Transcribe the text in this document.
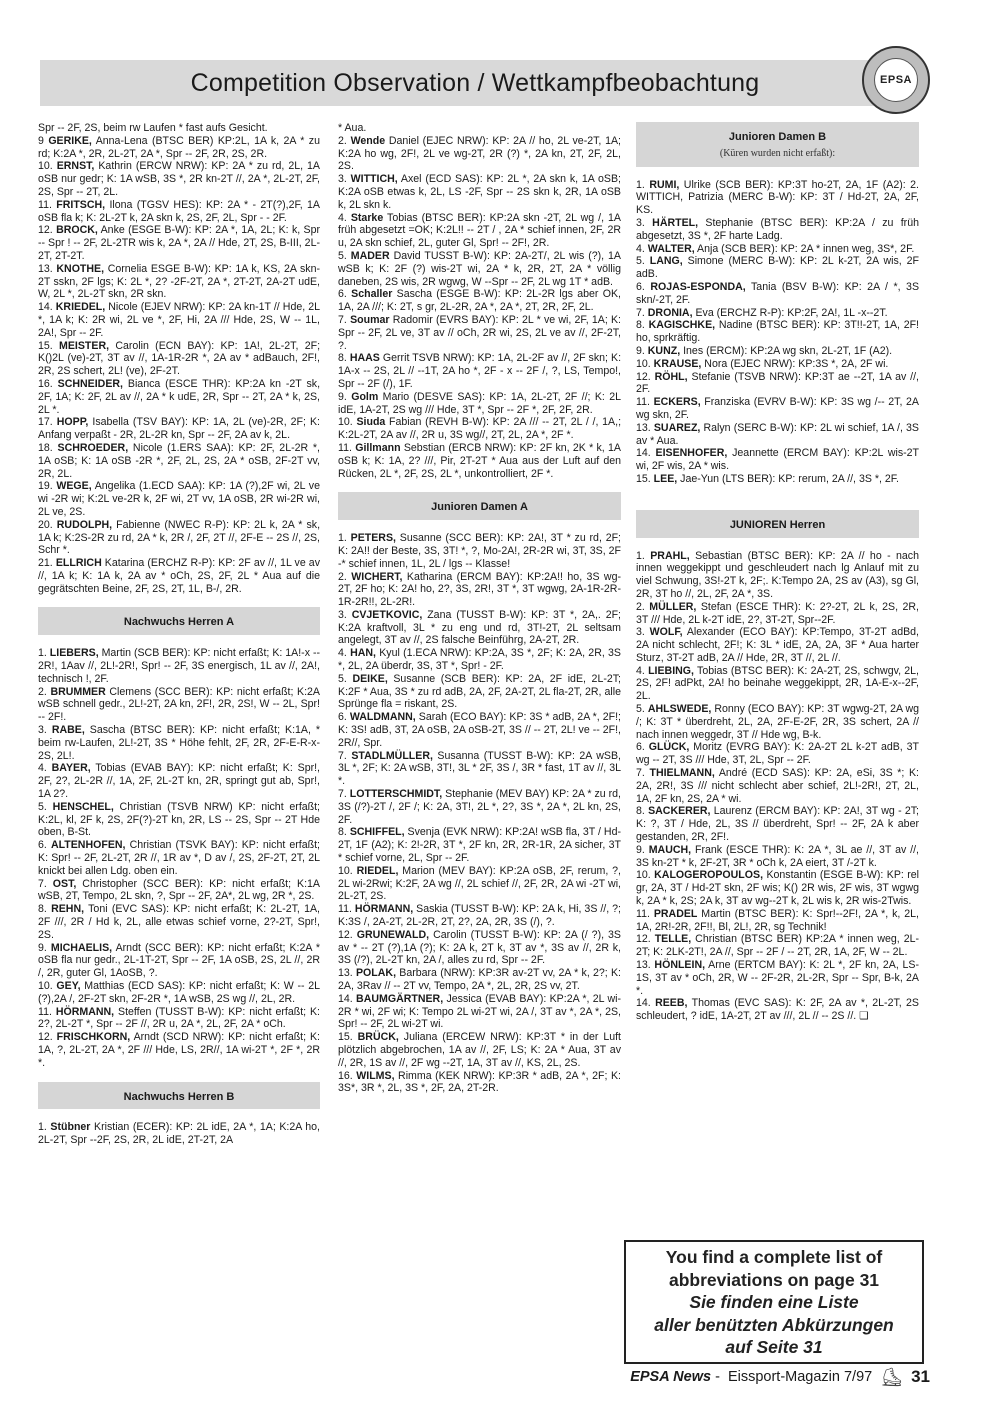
Competition Observation / Wettkampfbeobachtung	EPSA
Spr -- 2F, 2S, beim rw Laufen * fast aufs Gesicht.
9 GERIKE, Anna-Lena (BTSC BER) KP:2L, 1A k, 2A * zu rd; K:2A *, 2R, 2L-2T, 2A *, Spr -- 2F, 2R, 2S, 2R.
10. ERNST, Kathrin (ERCW NRW): KP: 2A * zu rd, 2L, 1A oSB nur gedr; K: 1A wSB, 3S *, 2R kn-2T //, 2A *, 2L-2T, 2F, 2S, Spr -- 2T, 2L.
11. FRITSCH, Ilona (TGSV HES): KP: 2A * - 2T(?),2F, 1A oSB fla k; K: 2L-2T k, 2A skn k, 2S, 2F, 2L, Spr - - 2F.
12. BROCK, Anke (ESGE B-W): KP: 2A *, 1A, 2L; K: k, Spr -- Spr ! -- 2F, 2L-2TR wis k, 2A *, 2A // Hde, 2T, 2S, B-III, 2L-2T, 2T-2T.
13. KNOTHE, Cornelia ESGE B-W): KP: 1A k, KS, 2A skn-2T sskn, 2F lgs; K: 2L *, 2? -2F-2T, 2A *, 2T-2T, 2A-2T udE, W, 2L *, 2L-2T skn, 2R skn.
14. KRIEDEL, Nicole (EJEV NRW): KP: 2A kn-1T // Hde, 2L *, 1A k; K: 2R wi, 2L ve *, 2F, Hi, 2A /// Hde, 2S, W -- 1L, 2A!, Spr -- 2F.
15. MEISTER, Carolin (ECN BAY): KP: 1A!, 2L-2T, 2F; K()2L (ve)-2T, 3T av //, 1A-1R-2R *, 2A av * adBauch, 2F!, 2R, 2S schert, 2L! (ve), 2F-2T.
16. SCHNEIDER, Bianca (ESCE THR): KP:2A kn -2T sk, 2F, 1A; K: 2F, 2L av //, 2A * k udE, 2R, Spr -- 2T, 2A * k, 2S, 2L *.
17. HOPP, Isabella (TSV BAY): KP: 1A, 2L (ve)-2R, 2F; K: Anfang verpaßt - 2R, 2L-2R kn, Spr -- 2F, 2A av k, 2L.
18. SCHROEDER, Nicole (1.ERS SAA): KP: 2F, 2L-2R *, 1A oSB; K: 1A oSB -2R *, 2F, 2L, 2S, 2A * oSB, 2F-2T vv, 2R, 2L.
19. WEGE, Angelika (1.ECD SAA): KP: 1A (?),2F wi, 2L ve wi -2R wi; K:2L ve-2R k, 2F wi, 2T vv, 1A oSB, 2R wi-2R wi, 2L ve, 2S.
20. RUDOLPH, Fabienne (NWEC R-P): KP: 2L k, 2A * sk, 1A k; K:2S-2R zu rd, 2A * k, 2R /, 2F, 2T //, 2F-E -- 2S //, 2S, Schr *.
21. ELLRICH Katarina (ERCHZ R-P): KP: 2F av //, 1L ve av //, 1A k; K: 1A k, 2A av * oCh, 2S, 2F, 2L * Aua auf die gegrätschten Beine, 2F, 2S, 2T, 1L, B-/, 2R.
Nachwuchs Herren A
1. LIEBERS, Martin (SCB BER): KP: nicht erfaßt; K: 1A!-x -- 2R!, 1Aav //, 2L!-2R!, Spr! -- 2F, 3S energisch, 1L av //, 2A!, technisch !, 2F.
2. BRUMMER Clemens (SCC BER): KP: nicht erfaßt; K:2A wSB schnell gedr., 2L!-2T, 2A kn, 2F!, 2R, 2S!, W -- 2L, Spr! -- 2F!.
3. RABE, Sascha (BTSC BER): KP: nicht erfaßt; K:1A, * beim rw-Laufen, 2L!-2T, 3S * Höhe fehlt, 2F, 2R, 2F-E-R-x-2S, 2L!.
4. BAYER, Tobias (EVAB BAY): KP: nicht erfaßt; K: Spr!, 2F, 2?, 2L-2R //, 1A, 2F, 2L-2T kn, 2R, springt gut ab, Spr!, 1A 2?.
5. HENSCHEL, Christian (TSVB NRW) KP: nicht erfaßt; K:2L, kl, 2F k, 2S, 2F(?)-2T kn, 2R, LS -- 2S, Spr -- 2T Hde oben, B-St.
6. ALTENHOFEN, Christian (TSVK BAY): KP: nicht erfaßt; K: Spr! -- 2F, 2L-2T, 2R //, 1R av *, D av /, 2S, 2F-2T, 2T, 2L knickt bei allen Ldg. oben ein.
7. OST, Christopher (SCC BER): KP: nicht erfaßt; K:1A wSB, 2T, Tempo, 2L skn, ?, Spr -- 2F, 2A*, 2L wg, 2R *, 2S.
8. REHN, Toni (EVC SAS): KP: nicht erfaßt; K: 2L-2T, 1A, 2F ///, 2R / Hd k, 2L, alle etwas schief vorne, 2?-2T, Spr!, 2S.
9. MICHAELIS, Arndt (SCC BER): KP: nicht erfaßt; K:2A * oSB fla nur gedr., 2L-1T-2T, Spr -- 2F, 1A oSB, 2S, 2L //, 2R /, 2R, guter Gl, 1AoSB, ?.
10. GEY, Matthias (ECD SAS): KP: nicht erfaßt; K: W -- 2L (?),2A /, 2F-2T skn, 2F-2R *, 1A wSB, 2S wg //, 2L, 2R.
11. HÖRMANN, Steffen (TUSST B-W): KP: nicht erfaßt; K: 2?, 2L-2T *, Spr -- 2F //, 2R u, 2A *, 2L, 2F, 2A * oCh.
12. FRISCHKORN, Arndt (SCD NRW): KP: nicht erfaßt; K: 1A, ?, 2L-2T, 2A *, 2F /// Hde, LS, 2R//, 1A wi-2T *, 2F *, 2R *.
Nachwuchs Herren B
1. Stübner Kristian (ECER): KP: 2L idE, 2A *, 1A; K:2A ho, 2L-2T, Spr --2F, 2S, 2R, 2L idE, 2T-2T, 2A
* Aua.
2. Wende Daniel (EJEC NRW): KP: 2A // ho, 2L ve-2T, 1A; K:2A ho wg, 2F!, 2L ve wg-2T, 2R (?) *, 2A kn, 2T, 2F, 2L, 2S.
3. WITTICH, Axel (ECD SAS): KP: 2L *, 2A skn k, 1A oSB; K:2A oSB etwas k, 2L, LS -2F, Spr -- 2S skn k, 2R, 1A oSB k, 2L skn k.
4. Starke Tobias (BTSC BER): KP:2A skn -2T, 2L wg /, 1A früh abgesetzt =OK; K:2L!! -- 2T / , 2A * schief innen, 2F, 2R u, 2A skn schief, 2L, guter Gl, Spr! -- 2F!, 2R.
5. MADER David TUSST B-W): KP: 2A-2T/, 2L wis (?), 1A wSB k; K: 2F (?) wis-2T wi, 2A * k, 2R, 2T, 2A * völlig daneben, 2S wis, 2R wgwg, W --Spr -- 2F, 2L wg 1T * adB.
6. Schaller Sascha (ESGE B-W): KP: 2L-2R lgs aber OK, 1A, 2A ///; K: 2T, s gr, 2L-2R, 2A *, 2A *, 2T, 2R, 2F, 2L.
7. Soumar Radomir (EVRS BAY): KP: 2L * ve wi, 2F, 1A; K: Spr -- 2F, 2L ve, 3T av // oCh, 2R wi, 2S, 2L ve av //, 2F-2T, ?.
8. HAAS Gerrit TSVB NRW): KP: 1A, 2L-2F av //, 2F skn; K: 1A-x -- 2S, 2L // --1T, 2A ho *, 2F - x -- 2F /, ?, LS, Tempo!, Spr -- 2F (/), 1F.
9. Golm Mario (DESVE SAS): KP: 1A, 2L-2T, 2F //; K: 2L idE, 1A-2T, 2S wg /// Hde, 3T *, Spr -- 2F *, 2F, 2F, 2R.
10. Siuda Fabian (REVH B-W): KP: 2A /// -- 2T, 2L / /, 1A,; K:2L-2T, 2A av //, 2R u, 3S wg//, 2T, 2L, 2A *, 2F *.
11. Gillmann Sebstian (ERCB NRW): KP: 2F kn, 2K * k, 1A oSB k; K: 1A, 2? ///, Pir, 2T-2T * Aua aus der Luft auf den Rücken, 2L *, 2F, 2S, 2L *, unkontrolliert, 2F *.
Junioren Damen A
1. PETERS, Susanne (SCC BER): KP: 2A!, 3T * zu rd, 2F; K: 2A!! der Beste, 3S, 3T! *, ?, Mo-2A!, 2R-2R wi, 3T, 3S, 2F -* schief innen, 1L, 2L / lgs -- Klasse!
2. WICHERT, Katharina (ERCM BAY): KP:2A!! ho, 3S wg-2T, 2F ho; K: 2A! ho, 2?, 3S, 2R!, 3T *, 3T wgwg, 2A-1R-2R-1R-2R!!, 2L-2R!.
3. CVJETKOVIC, Zana (TUSST B-W): KP: 3T *, 2A,. 2F; K:2A kraftvoll, 3L * zu eng und rd, 3T!-2T, 2L seltsam angelegt, 3T av //, 2S falsche Beinführg, 2A-2T, 2R.
4. HAN, Kyul (1.ECA NRW): KP:2A, 3S *, 2F; K: 2A, 2R, 3S *, 2L, 2A überdr, 3S, 3T *, Spr! - 2F.
5. DEIKE, Susanne (SCB BER): KP: 2A, 2F idE, 2L-2T; K:2F * Aua, 3S * zu rd adB, 2A, 2F, 2A-2T, 2L fla-2T, 2R, alle Sprünge fla = riskant, 2S.
6. WALDMANN, Sarah (ECO BAY): KP: 3S * adB, 2A *, 2F!; K: 3S! adB, 3T, 2A oSB, 2A oSB-2T, 3S // -- 2T, 2L! ve -- 2F!, 2R//, Spr.
7. STADLMÜLLER, Susanna (TUSST B-W): KP: 2A wSB, 3L *, 2F; K: 2A wSB, 3T!, 3L * 2F, 3S /, 3R * fast, 1T av //, 3L *.
7. LOTTERSCHMIDT, Stephanie (MEV BAY) KP: 2A * zu rd, 3S (/?)-2T /, 2F /; K: 2A, 3T!, 2L *, 2?, 3S *, 2A *, 2L kn, 2S, 2F.
8. SCHIFFEL, Svenja (EVK NRW): KP:2A! wSB fla, 3T / Hd-2T, 1F (A2); K: 2!-2R, 3T *, 2F kn, 2R, 2R-1R, 2A sicher, 3T * schief vorne, 2L, Spr -- 2F.
10. RIEDEL, Marion (MEV BAY): KP:2A oSB, 2F, rerum, ?, 2L wi-2Rwi; K:2F, 2A wg //, 2L schief //, 2F, 2R, 2A wi -2T wi, 2L-2T, 2S.
11. HÖRMANN, Saskia (TUSST B-W): KP: 2A k, Hi, 3S //, ?; K:3S /, 2A-2T, 2L-2R, 2T, 2?, 2A, 2R, 3S (/), ?.
12. GRUNEWALD, Carolin (TUSST B-W): KP: 2A (/ ?), 3S av * -- 2T (?),1A (?); K: 2A k, 2T k, 3T av *, 3S av //, 2R k, 3S (/?), 2L-2T kn, 2A /, alles zu rd, Spr -- 2F.
13. POLAK, Barbara (NRW): KP:3R av-2T vv, 2A * k, 2?; K: 2A, 3Rav // -- 2T vv, Tempo, 2A *, 2L, 2R, 2S vv, 2T.
14. BAUMGÄRTNER, Jessica (EVAB BAY): KP:2A *, 2L wi-2R * wi, 2F wi; K: Tempo 2L wi-2T wi, 2A /, 3T av *, 2A *, 2S, Spr! -- 2F, 2L wi-2T wi.
15. BRÜCK, Juliana (ERCEW NRW): KP:3T * in der Luft plötzlich abgebrochen, 1A av //, 2F, LS; K: 2A * Aua, 3T av //, 2R, 1S av //, 2F wg --2T, 1A, 3T av //, KS, 2L, 2S.
16. WILMS, Rimma (KEK NRW): KP:3R * adB, 2A *, 2F; K: 3S*, 3R *, 2L, 3S *, 2F, 2A, 2T-2R.
Junioren Damen B
(Küren wurden nicht erfaßt):
1. RUMI, Ulrike (SCB BER): KP:3T ho-2T, 2A, 1F (A2): 2. WITTICH, Patrizia (MERC B-W): KP: 3T / Hd-2T, 2A, 2F, KS.
3. HÄRTEL, Stephanie (BTSC BER): KP:2A / zu früh abgesetzt, 3S *, 2F harte Ladg.
4. WALTER, Anja (SCB BER): KP: 2A * innen weg, 3S*, 2F.
5. LANG, Simone (MERC B-W): KP: 2L k-2T, 2A wis, 2F adB.
6. ROJAS-ESPONDA, Tania (BSV B-W): KP: 2A / *, 3S skn/-2T, 2F.
7. DRONIA, Eva (ERCHZ R-P): KP:2F, 2A!, 1L -x--2T.
8. KAGISCHKE, Nadine (BTSC BER): KP: 3T!!-2T, 1A, 2F! ho, sprkräftig.
9. KUNZ, Ines (ERCM): KP:2A wg skn, 2L-2T, 1F (A2).
10. KRAUSE, Nora (EJEC NRW): KP:3S *, 2A, 2F wi.
12. RÖHL, Stefanie (TSVB NRW): KP:3T ae --2T, 1A av //, 2F.
11. ECKERS, Franziska (EVRV B-W): KP: 3S wg /-- 2T, 2A wg skn, 2F.
13. SUAREZ, Ralyn (SERC B-W): KP: 2L wi schief, 1A /, 3S av * Aua.
14. EISENHOFER, Jeannette (ERCM BAY): KP:2L wis-2T wi, 2F wis, 2A * wis.
15. LEE, Jae-Yun (LTS BER): KP: rerum, 2A //, 3S *, 2F.
JUNIOREN Herren
1. PRAHL, Sebastian (BTSC BER): KP: 2A // ho - nach innen weggekippt und geschleudert nach lg Anlauf mit zu viel Schwung, 3S!-2T k, 2F;. K:Tempo 2A, 2S av (A3), sg Gl, 2R, 3T ho //, 2L, 2F, 2A *, 3S.
2. MÜLLER, Stefan (ESCE THR): K: 2?-2T, 2L k, 2S, 2R, 3T /// Hde, 2L k-2T idE, 2?, 3T-2T, Spr--2F.
3. WOLF, Alexander (ECO BAY): KP:Tempo, 3T-2T adBd, 2A nicht schlecht, 2F!; K: 3L * idE, 2A, 2A, 3F * Aua harter Sturz, 3T-2T adB, 2A // Hde, 2R, 3T //, 2L //.
4. LIEBING, Tobias (BTSC BER): K: 2A-2T, 2S, schwgv, 2L, 2S, 2F! adPkt, 2A! ho beinahe weggekippt, 2R, 1A-E-x--2F, 2L.
5. AHLSWEDE, Ronny (ECO BAY): KP: 3T wgwg-2T, 2A wg /; K: 3T * überdreht, 2L, 2A, 2F-E-2F, 2R, 3S schert, 2A // nach innen weggedr, 3T // Hde wg, B-k.
6. GLÜCK, Moritz (EVRG BAY): K: 2A-2T 2L k-2T adB, 3T wg -- 2T, 3S /// Hde, 3T, 2L, Spr -- 2F.
7. THIELMANN, André (ECD SAS): KP: 2A, eSi, 3S *; K: 2A, 2R!, 3S /// nicht schlecht aber schief, 2L!-2R!, 2T, 2L, 1A, 2F kn, 2S, 2A * wi.
8. SACKERER, Laurenz (ERCM BAY): KP: 2A!, 3T wg - 2T; K: ?, 3T / Hde, 2L, 3S // überdreht, Spr! -- 2F, 2A k aber gestanden, 2R, 2F!.
9. MAUCH, Frank (ESCE THR): K: 2A *, 3L ae //, 3T av //, 3S kn-2T * k, 2F-2T, 3R * oCh k, 2A eiert, 3T /-2T k.
10. KALOGEROPOULOS, Konstantin (ESGE B-W): KP: rel gr, 2A, 3T / Hd-2T skn, 2F wis; K() 2R wis, 2F wis, 3T wgwg k, 2A * k, 2S; 2A k, 3T av wg--2T k, 2L wis k, 2R wis-2Twis.
11. PRADEL Martin (BTSC BER): K: Spr!--2F!, 2A *, k, 2L, 1A, 2R!-2R, 2F!!, Bl, 2L!, 2R, sg Technik!
12. TELLE, Christian (BTSC BER) KP:2A * innen weg, 2L-2T; K: 2LK-2T!, 2A //, Spr -- 2F / -- 2T, 2R, 1A, 2F, W -- 2L.
13. HÖNLEIN, Arne (ERTCM BAY): K: 2L *, 2F kn, 2A, LS-1S, 3T av * oCh, 2R, W -- 2F-2R, 2L-2R, Spr -- Spr, B-k, 2A *.
14. REEB, Thomas (EVC SAS): K: 2F, 2A av *, 2L-2T, 2S schleudert, ? idE, 1A-2T, 2T av ///, 2L // -- 2S //. ❑
You find a complete list of
abbreviations on page 31
Sie finden eine Liste
aller benützten Abkürzungen
auf Seite 31
EPSA News - Eissport-Magazin 7/97 ⛸ 31
